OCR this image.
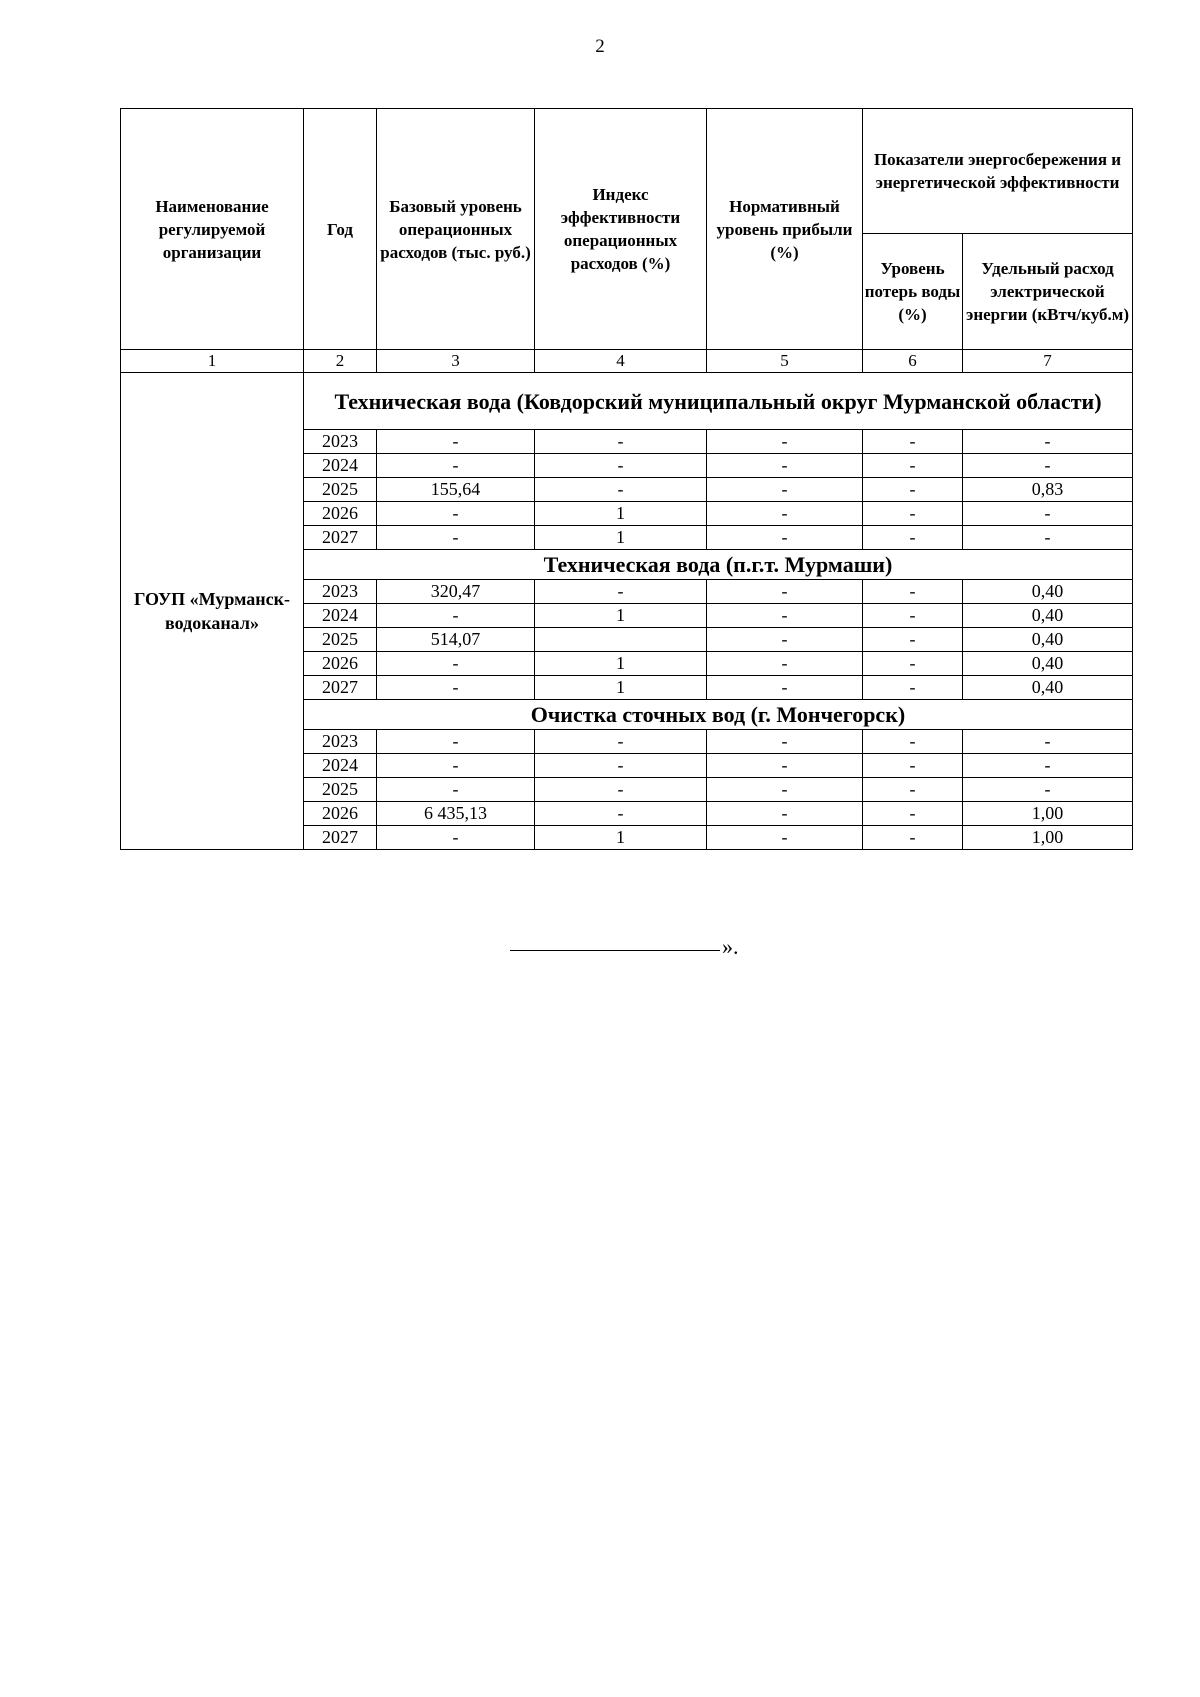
2
Наименование регулируемой организации	Год	Базовый уровень операционных расходов (тыс. руб.)	Индекс эффективности операционных расходов (%)	Нормативный уровень прибыли (%)	Показатели энергосбережения и энергетической эффективности	
					Уровень потерь воды (%)	Удельный расход электрической энергии (кВтч/куб.м)
1	2	3	4	5	6	7
ГОУП «Мурманск-водоканал»	Техническая вода (Ковдорский муниципальный округ Мурманской области)					
	2023	-	-	-	-	-
	2024	-	-	-	-	-
	2025	155,64	-	-	-	0,83
	2026	-	1	-	-	-
	2027	-	1	-	-	-
	Техническая вода (п.г.т. Мурмаши)					
	2023	320,47	-	-	-	0,40
	2024	-	1	-	-	0,40
	2025	514,07		-	-	0,40
	2026	-	1	-	-	0,40
	2027	-	1	-	-	0,40
	Очистка сточных вод (г. Мончегорск)					
	2023	-	-	-	-	-
	2024	-	-	-	-	-
	2025	-	-	-	-	-
	2026	6 435,13	-	-	-	1,00
	2027	-	1	-	-	1,00
».
